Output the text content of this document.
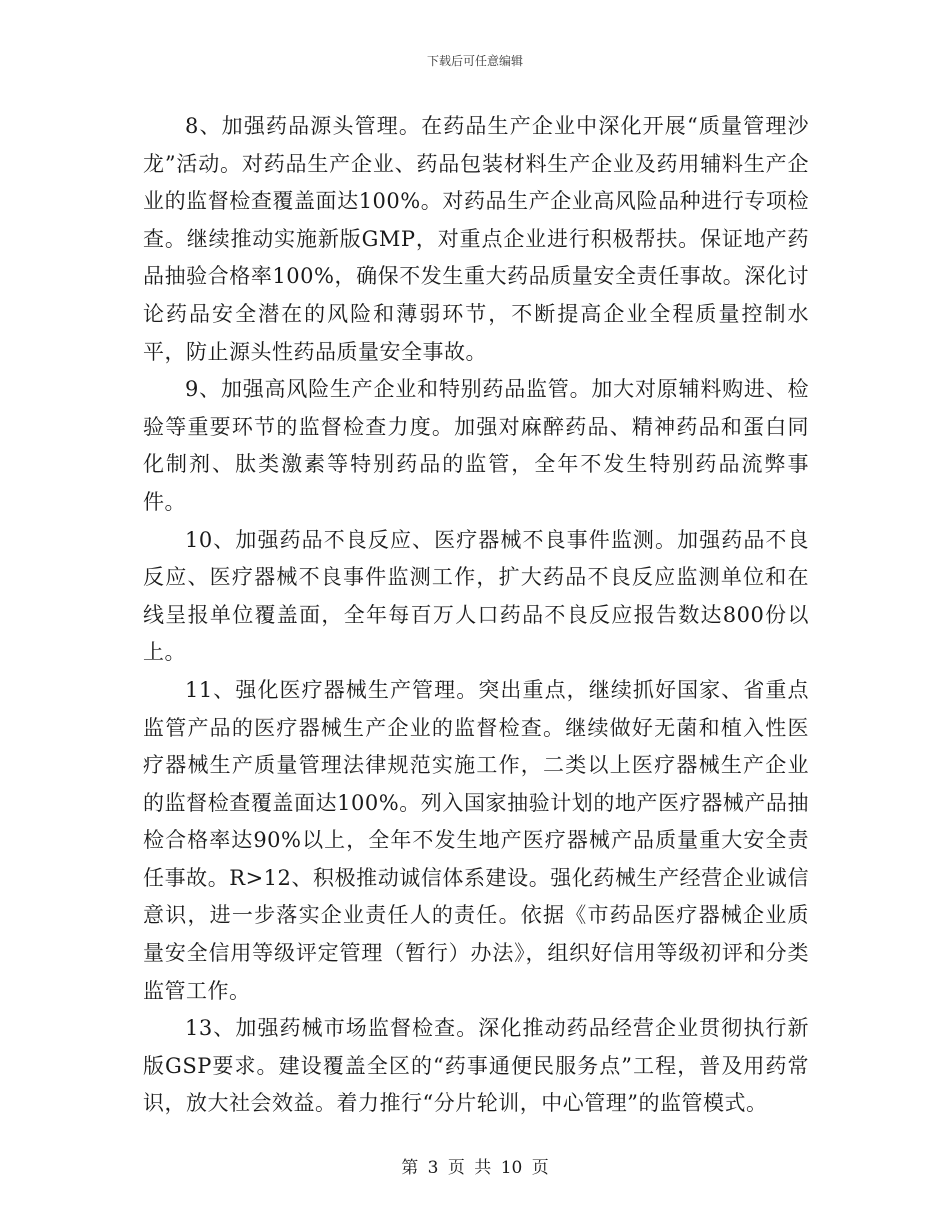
下载后可任意编辑

8、加强药品源头管理。在药品生产企业中深化开展“质量管理沙龙”活动。对药品生产企业、药品包装材料生产企业及药用辅料生产企业的监督检查覆盖面达100%。对药品生产企业高风险品种进行专项检查。继续推动实施新版GMP，对重点企业进行积极帮扶。保证地产药品抽验合格率100%，确保不发生重大药品质量安全责任事故。深化讨论药品安全潜在的风险和薄弱环节，不断提高企业全程质量控制水平，防止源头性药品质量安全事故。

9、加强高风险生产企业和特别药品监管。加大对原辅料购进、检验等重要环节的监督检查力度。加强对麻醉药品、精神药品和蛋白同化制剂、肽类激素等特别药品的监管，全年不发生特别药品流弊事件。

10、加强药品不良反应、医疗器械不良事件监测。加强药品不良反应、医疗器械不良事件监测工作，扩大药品不良反应监测单位和在线呈报单位覆盖面，全年每百万人口药品不良反应报告数达800份以上。

11、强化医疗器械生产管理。突出重点，继续抓好国家、省重点监管产品的医疗器械生产企业的监督检查。继续做好无菌和植入性医疗器械生产质量管理法律规范实施工作，二类以上医疗器械生产企业的监督检查覆盖面达100%。列入国家抽验计划的地产医疗器械产品抽检合格率达90%以上，全年不发生地产医疗器械产品质量重大安全责任事故。R>12、积极推动诚信体系建设。强化药械生产经营企业诚信意识，进一步落实企业责任人的责任。依据《市药品医疗器械企业质量安全信用等级评定管理（暂行）办法》，组织好信用等级初评和分类监管工作。

13、加强药械市场监督检查。深化推动药品经营企业贯彻执行新版GSP要求。建设覆盖全区的“药事通便民服务点”工程，普及用药常识，放大社会效益。着力推行“分片轮训，中心管理”的监管模式。

第 3 页 共 10 页
